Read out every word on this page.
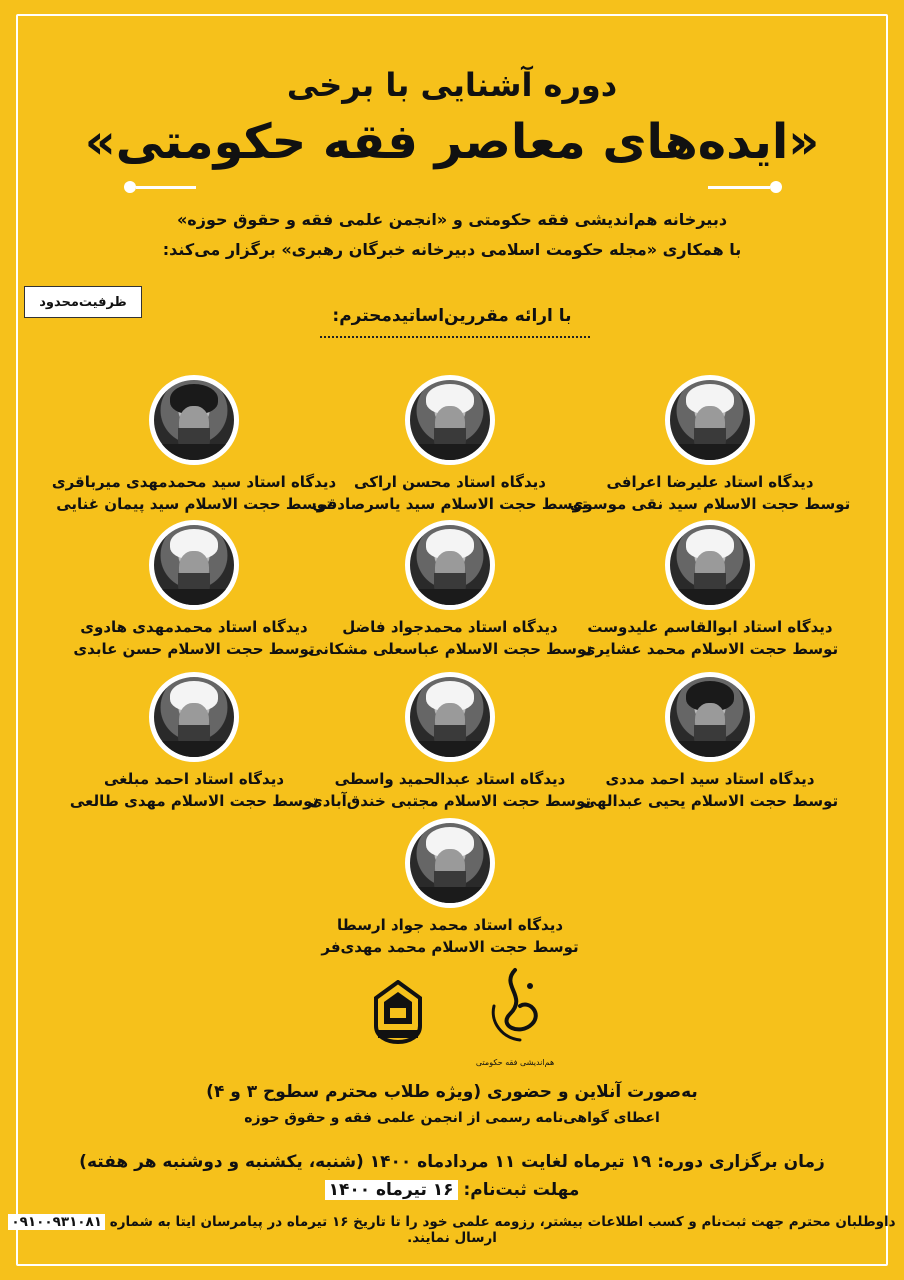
دوره آشنایی با برخی
«ایده‌های معاصر فقه حکومتی»
دبیرخانه هم‌اندیشی فقه حکومتی و «انجمن علمی فقه و حقوق حوزه»
با همکاری «مجله حکومت اسلامی دبیرخانه خبرگان رهبری» برگزار می‌کند:
ظرفیت‌محدود
با ارائه مقررین‌اساتید‌محترم:
دیدگاه استاد علیرضا اعرافی
توسط حجت الاسلام سید نقی موسوی
دیدگاه استاد محسن اراکی
توسط حجت الاسلام سید یاسر‌صادقی
دیدگاه استاد سید محمدمهدی میرباقری
توسط حجت الاسلام سید پیمان غنایی
دیدگاه استاد ابوالقاسم علیدوست
توسط حجت الاسلام محمد عشایری
دیدگاه استاد محمدجواد فاضل
توسط حجت الاسلام عباسعلی مشکانی
دیدگاه استاد محمدمهدی هادوی
توسط حجت الاسلام حسن عابدی
دیدگاه استاد سید احمد مددی
توسط حجت الاسلام یحیی عبدالهی
دیدگاه استاد عبدالحمید واسطی
توسط حجت الاسلام مجتبی خندق‌آبادی
دیدگاه استاد احمد مبلغی
توسط حجت الاسلام مهدی طالعی
دیدگاه استاد محمد جواد ارسطا
توسط حجت الاسلام محمد مهدی‌فر
هم‌اندیشی فقه حکومتی
به‌صورت آنلاین و حضوری (ویژه طلاب محترم سطوح ۳ و ۴)
اعطای گواهی‌نامه رسمی از انجمن علمی فقه و حقوق حوزه
زمان برگزاری دوره: ۱۹ تیرماه لغایت ۱۱ مردادماه ۱۴۰۰ (شنبه، یکشنبه و دوشنبه هر هفته)
مهلت ثبت‌نام: ۱۶ تیرماه ۱۴۰۰
داوطلبان محترم جهت ثبت‌نام و کسب اطلاعات بیشتر، رزومه علمی خود را تا تاریخ ۱۶ تیرماه در پیامرسان ایتا به شماره ۰۹۱۰۰۹۳۱۰۸۱ ارسال نمایند.
